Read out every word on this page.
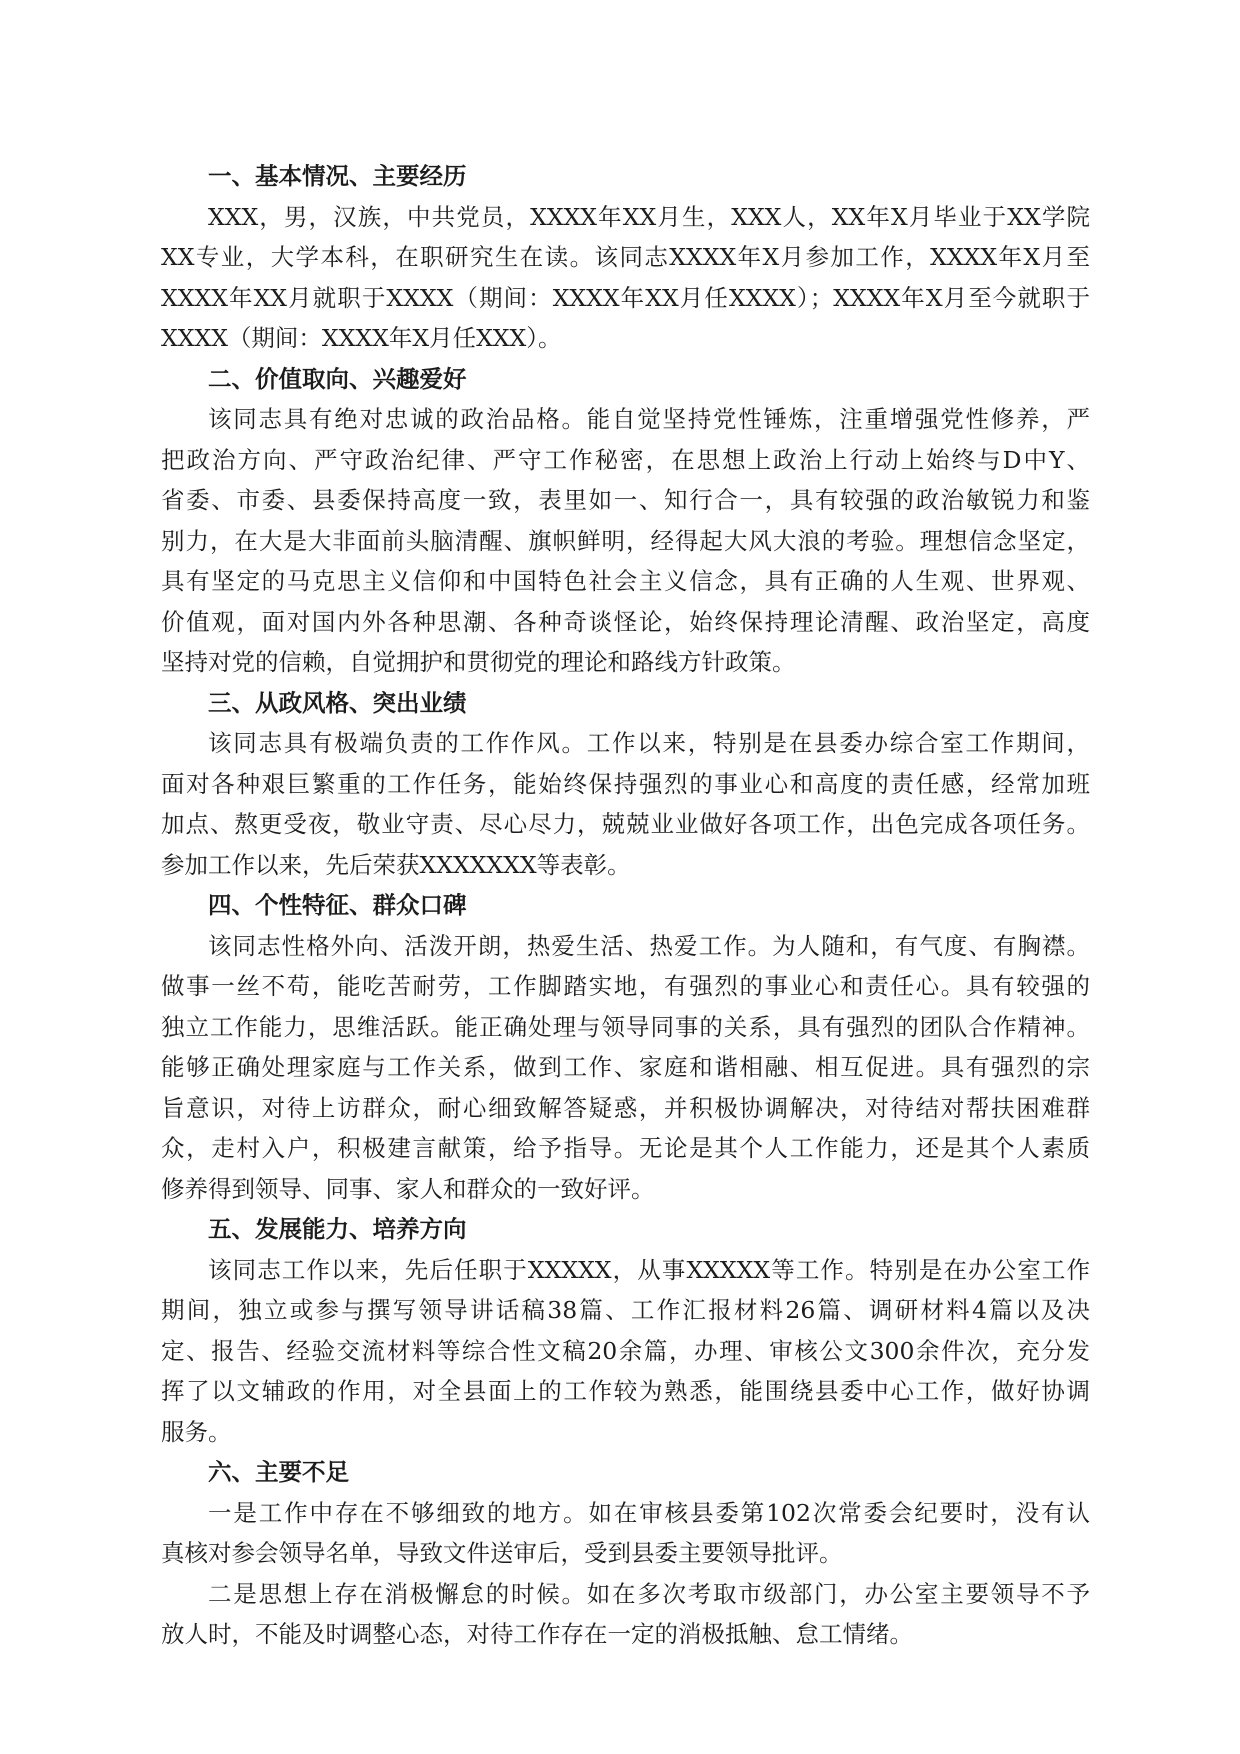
一、基本情况、主要经历

XXX，男，汉族，中共党员，XXXX年XX月生，XXX人，XX年X月毕业于XX学院
XX专业，大学本科，在职研究生在读。该同志XXXX年X月参加工作，XXXX年X月至
XXXX年XX月就职于XXXX（期间：XXXX年XX月任XXXX）；XXXX年X月至今就职于
XXXX（期间：XXXX年X月任XXX）。

二、价值取向、兴趣爱好

该同志具有绝对忠诚的政治品格。能自觉坚持党性锤炼，注重增强党性修养，严
把政治方向、严守政治纪律、严守工作秘密，在思想上政治上行动上始终与D中Y、
省委、市委、县委保持高度一致，表里如一、知行合一，具有较强的政治敏锐力和鉴
别力，在大是大非面前头脑清醒、旗帜鲜明，经得起大风大浪的考验。理想信念坚定，
具有坚定的马克思主义信仰和中国特色社会主义信念，具有正确的人生观、世界观、
价值观，面对国内外各种思潮、各种奇谈怪论，始终保持理论清醒、政治坚定，高度
坚持对党的信赖，自觉拥护和贯彻党的理论和路线方针政策。

三、从政风格、突出业绩

该同志具有极端负责的工作作风。工作以来，特别是在县委办综合室工作期间，
面对各种艰巨繁重的工作任务，能始终保持强烈的事业心和高度的责任感，经常加班
加点、熬更受夜，敬业守责、尽心尽力，兢兢业业做好各项工作，出色完成各项任务。
参加工作以来，先后荣获XXXXXXX等表彰。

四、个性特征、群众口碑

该同志性格外向、活泼开朗，热爱生活、热爱工作。为人随和，有气度、有胸襟。
做事一丝不苟，能吃苦耐劳，工作脚踏实地，有强烈的事业心和责任心。具有较强的
独立工作能力，思维活跃。能正确处理与领导同事的关系，具有强烈的团队合作精神。
能够正确处理家庭与工作关系，做到工作、家庭和谐相融、相互促进。具有强烈的宗
旨意识，对待上访群众，耐心细致解答疑惑，并积极协调解决，对待结对帮扶困难群
众，走村入户，积极建言献策，给予指导。无论是其个人工作能力，还是其个人素质
修养得到领导、同事、家人和群众的一致好评。

五、发展能力、培养方向

该同志工作以来，先后任职于XXXXX，从事XXXXX等工作。特别是在办公室工作
期间，独立或参与撰写领导讲话稿38篇、工作汇报材料26篇、调研材料4篇以及决
定、报告、经验交流材料等综合性文稿20余篇，办理、审核公文300余件次，充分发
挥了以文辅政的作用，对全县面上的工作较为熟悉，能围绕县委中心工作，做好协调
服务。

六、主要不足

一是工作中存在不够细致的地方。如在审核县委第102次常委会纪要时，没有认
真核对参会领导名单，导致文件送审后，受到县委主要领导批评。

二是思想上存在消极懈怠的时候。如在多次考取市级部门，办公室主要领导不予
放人时，不能及时调整心态，对待工作存在一定的消极抵触、怠工情绪。
